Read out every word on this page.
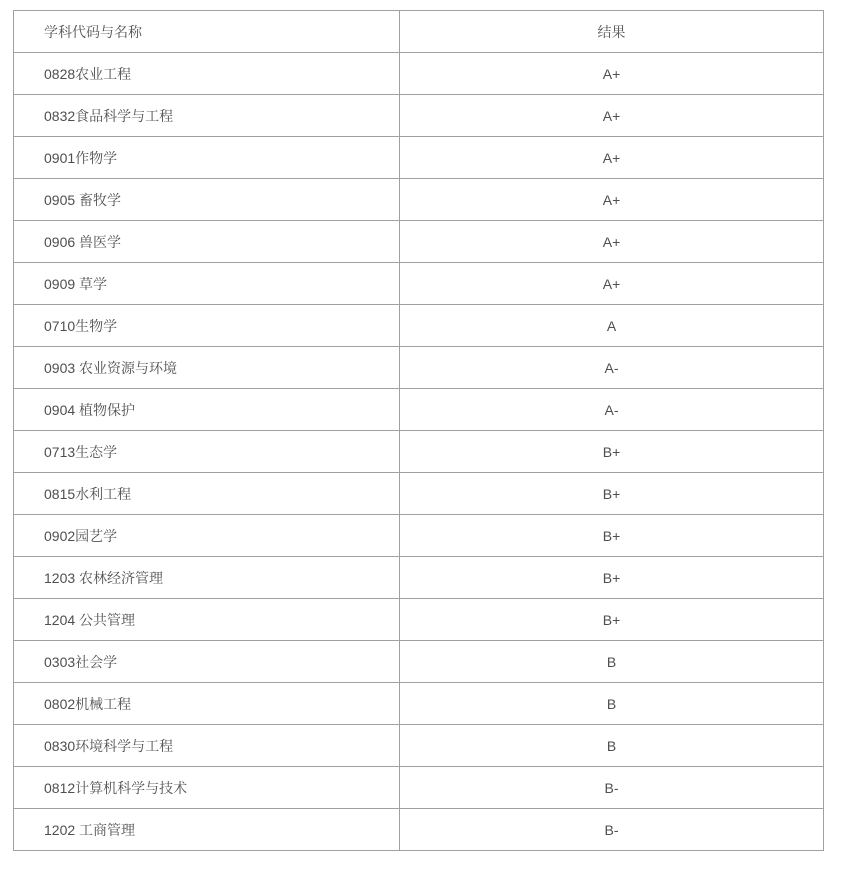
学科代码与名称	结果
0828农业工程	A+
0832食品科学与工程	A+
0901作物学	A+
0905 畜牧学	A+
0906 兽医学	A+
0909 草学	A+
0710生物学	A
0903 农业资源与环境	A-
0904 植物保护	A-
0713生态学	B+
0815水利工程	B+
0902园艺学	B+
1203 农林经济管理	B+
1204 公共管理	B+
0303社会学	B
0802机械工程	B
0830环境科学与工程	B
0812计算机科学与技术	B-
1202 工商管理	B-
